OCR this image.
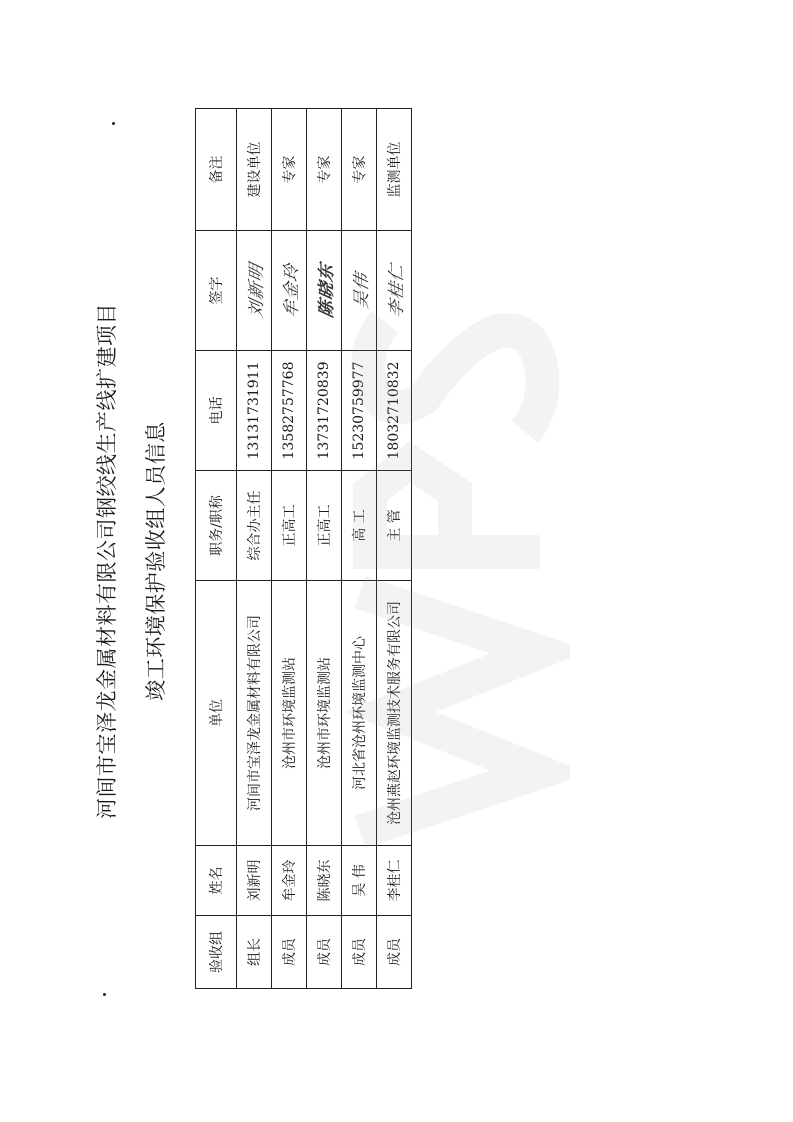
河间市宝泽龙金属材料有限公司钢绞线生产线扩建项目 竣工环境保护验收组人员信息
验收组	姓名	单位	职务/职称	电话	签字	备注
组长	刘新明	河间市宝泽龙金属材料有限公司	综合办主任	13131731911	刘新明	建设单位
成员	牟金玲	沧州市环境监测站	正高工	13582757768	牟金玲	专家
成员	陈晓东	沧州市环境监测站	正高工	13731720839	陈晓东	专家
成员	吴 伟	河北省沧州环境监测中心	高 工	15230759977	吴伟	专家
成员	李桂仁	沧州燕赵环境监测技术服务有限公司	主 管	18032710832	李桂仁	监测单位
